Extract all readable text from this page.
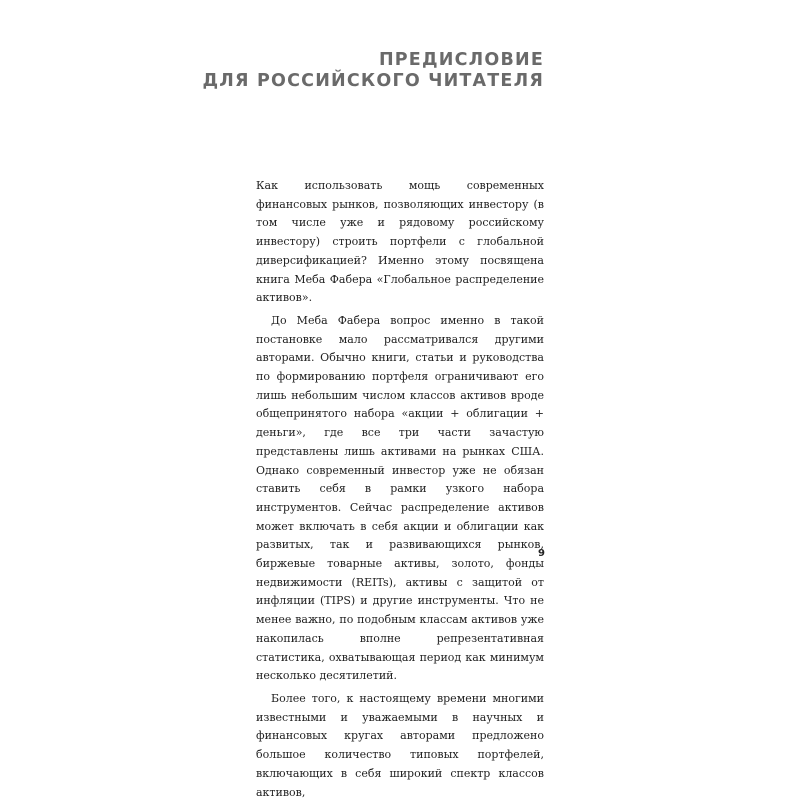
ПРЕДИСЛОВИЕ
ДЛЯ РОССИЙСКОГО ЧИТАТЕЛЯ

Как использовать мощь современных финансовых рынков, позволяющих инвестору (в том числе уже и рядовому российскому инвестору) строить портфели с глобальной диверсификацией? Именно этому посвящена книга Меба Фабера «Глобальное распределение активов».

До Меба Фабера вопрос именно в такой постановке мало рассматривался другими авторами. Обычно книги, статьи и руководства по формированию портфеля ограничивают его лишь небольшим числом классов активов вроде общепринятого набора «акции + облигации + деньги», где все три части зачастую представлены лишь активами на рынках США. Однако современный инвестор уже не обязан ставить себя в рамки узкого набора инструментов. Сейчас распределение активов может включать в себя акции и облигации как развитых, так и развивающихся рынков, биржевые товарные активы, золото, фонды недвижимости (REITs), активы с защитой от инфляции (TIPS) и другие инструменты. Что не менее важно, по подобным классам активов уже накопилась вполне репрезентативная статистика, охватывающая период как минимум несколько десятилетий.

Более того, к настоящему времени многими известными и уважаемыми в научных и финансовых кругах авторами предложено большое количество типовых портфелей, включающих в себя широкий спектр классов активов,

9
